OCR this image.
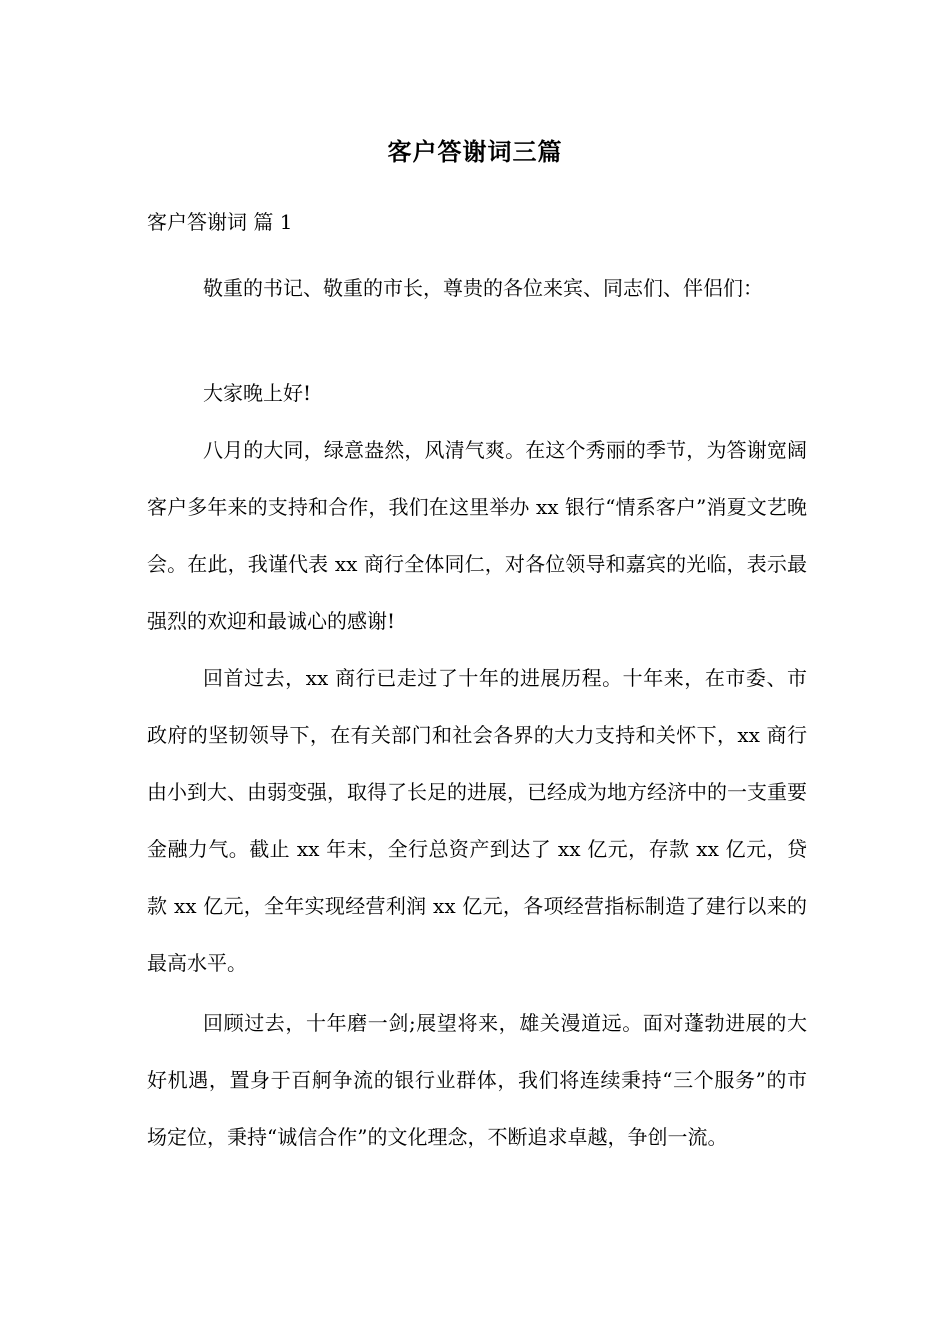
客户答谢词三篇
客户答谢词 篇 1
敬重的书记、敬重的市长，尊贵的各位来宾、同志们、伴侣们：
大家晚上好!
八月的大同，绿意盎然，风清气爽。在这个秀丽的季节，为答谢宽阔客户多年来的支持和合作，我们在这里举办 xx 银行“情系客户”消夏文艺晚会。在此，我谨代表 xx 商行全体同仁，对各位领导和嘉宾的光临，表示最强烈的欢迎和最诚心的感谢!
回首过去，xx 商行已走过了十年的进展历程。十年来，在市委、市政府的坚韧领导下，在有关部门和社会各界的大力支持和关怀下，xx 商行由小到大、由弱变强，取得了长足的进展，已经成为地方经济中的一支重要金融力气。截止 xx 年末，全行总资产到达了 xx 亿元，存款 xx 亿元，贷款 xx 亿元，全年实现经营利润 xx 亿元，各项经营指标制造了建行以来的最高水平。
回顾过去，十年磨一剑;展望将来，雄关漫道远。面对蓬勃进展的大好机遇，置身于百舸争流的银行业群体，我们将连续秉持“三个服务”的市场定位，秉持“诚信合作”的文化理念，不断追求卓越，争创一流。
